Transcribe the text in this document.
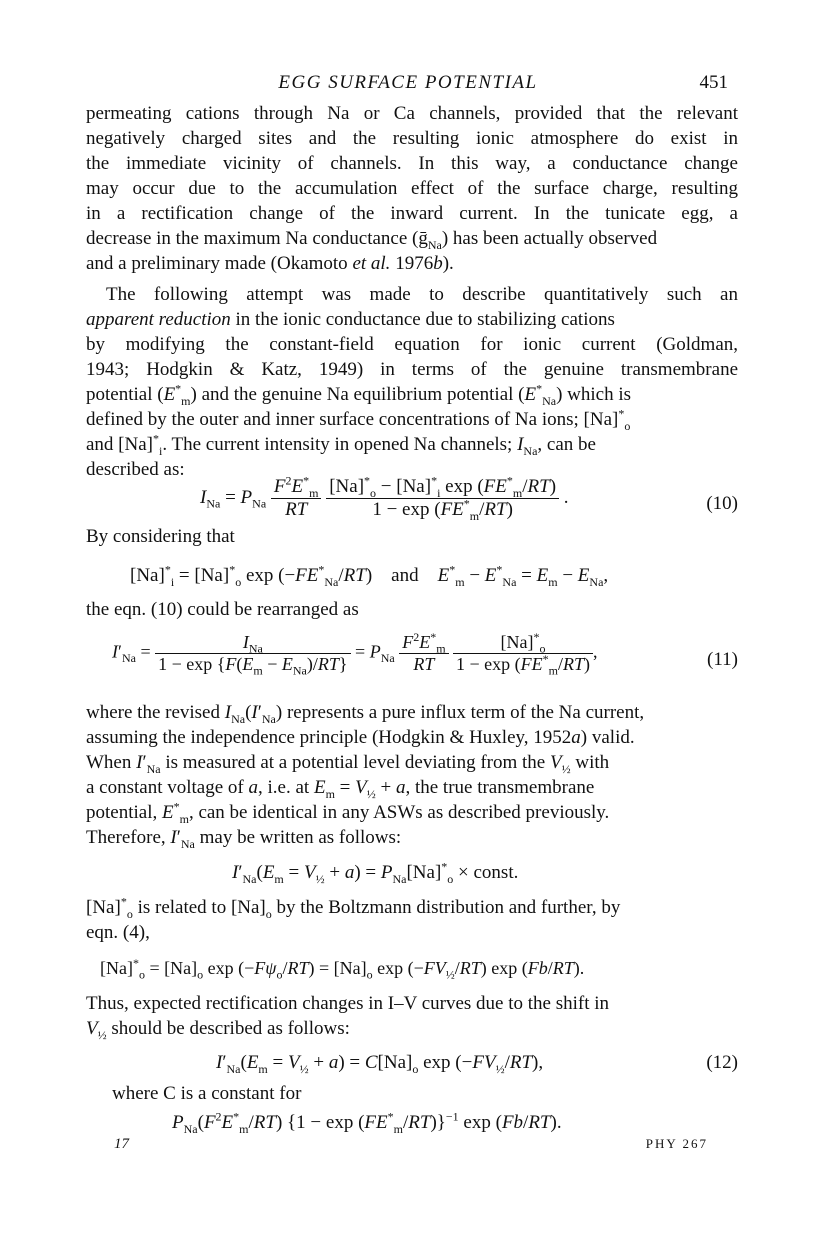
EGG SURFACE POTENTIAL	451
permeating cations through Na or Ca channels, provided that the relevant
negatively charged sites and the resulting ionic atmosphere do exist in
the immediate vicinity of channels. In this way, a conductance change
may occur due to the accumulation effect of the surface charge, resulting
in a rectification change of the inward current. In the tunicate egg, a
decrease in the maximum Na conductance (ḡ$_{Na}$) has been actually observed
and a preliminary made (Okamoto et al. 1976b).
The following attempt was made to describe quantitatively such an
apparent reduction in the ionic conductance due to stabilizing cations
by modifying the constant-field equation for ionic current (Goldman,
1943; Hodgkin & Katz, 1949) in terms of the genuine transmembrane
potential $(E^*_m)$ and the genuine Na equilibrium potential $(E^*_{Na})$ which is
defined by the outer and inner surface concentrations of Na ions; $[Na]^*_o$
and $[Na]^*_i$. The current intensity in opened Na channels; $I_{Na}$, can be
described as:
$I_{Na} = P_{Na} \frac{F^2E^*_m}{RT}$
$\frac{[Na]^*_o - [Na]^*_i \exp (FE^*_m/RT)}{1 - \exp (FE^*_m/RT)}$ .	(10)
By considering that
$[Na]^*_i = [Na]^*_o$ $\exp (-FE^*_{Na}/RT)$    and    $E^*_m - E^*_{Na} = E_m - E_{Na}$,
the eqn. (10) could be rearranged as
$I'_{Na} = \frac{I_{Na}}{1 - \exp \{F(E_m - E_{Na})/RT\}} = P_{Na} \frac{F^2E^*_m}{RT}$
$\frac{[Na]^*_o}{1 - \exp (FE^*_m/RT)}$ ,	(11)
where the revised $I_{Na}(I'_{Na})$ represents a pure influx term of the Na current,
assuming the independence principle (Hodgkin & Huxley, 1952a) valid.
When $I'_{Na}$ is measured at a potential level deviating from the $V_{\frac{1}{2}}$ with
a constant voltage of a, i.e. at $E_m = V_{\frac{1}{2}} + a$, the true transmembrane
potential, $E^*_m$, can be identical in any ASWs as described previously.
Therefore, $I'_{Na}$ may be written as follows:
$I'_{Na}(E_m = V_{\frac{1}{2}} + a) = P_{Na}[Na]^*_o$ × const.
$[Na]^*_o$ is related to $[Na]_o$ by the Boltzmann distribution and further, by
eqn. (4),
$[Na]^*_o = [Na]_o$ $\exp (-F\psi_o/RT) = [Na]_o$ $\exp (-FV_{\frac{1}{2}}/RT)$ exp (Fb/RT).
Thus, expected rectification changes in I–V curves due to the shift in
$V_{\frac{1}{2}}$ should be described as follows:
$I'_{Na}(E_m = V_{\frac{1}{2}} + a) = C[Na]_o$ $\exp (-FV_{\frac{1}{2}}/RT)$,	(12)
where C is a constant for
$P_{Na}(F^2E^*_m/RT) \{1 - \exp (FE^*_m/RT)\}^{-1}$ exp (Fb/RT).
17	PHY 267
